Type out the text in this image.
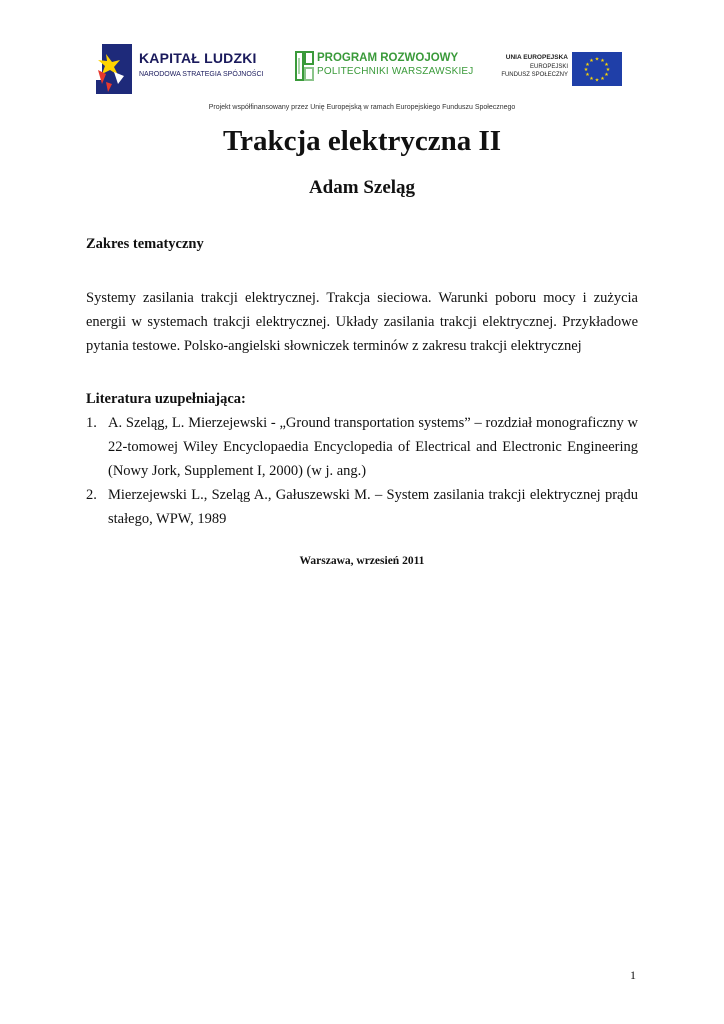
KAPITAŁ LUDZKI
NARODOWA STRATEGIA SPÓJNOŚCI
PROGRAM ROZWOJOWY
POLITECHNIKI WARSZAWSKIEJ
UNIA EUROPEJSKA
EUROPEJSKI
FUNDUSZ SPOŁECZNY
★ ★
★
★
★
★
★
★
★
★
★
★
Projekt współfinansowany przez Unię Europejską w ramach Europejskiego Funduszu Społecznego
Trakcja elektryczna II
Adam Szeląg

Zakres tematyczny

Systemy zasilania trakcji elektrycznej. Trakcja sieciowa. Warunki poboru mocy i zużycia energii w systemach trakcji elektrycznej. Układy zasilania trakcji elektrycznej. Przykładowe pytania testowe. Polsko-angielski słowniczek terminów z zakresu trakcji elektrycznej

Literatura uzupełniająca:

1. A. Szeląg, L. Mierzejewski - „Ground transportation systems” – rozdział monograficzny w 22-tomowej Wiley Encyclopaedia Encyclopedia of Electrical and Electronic Engineering (Nowy Jork, Supplement I, 2000) (w j. ang.)
2. Mierzejewski L., Szeląg A., Gałuszewski M. – System zasilania trakcji elektrycznej prądu stałego, WPW, 1989
Warszawa, wrzesień 2011
1
